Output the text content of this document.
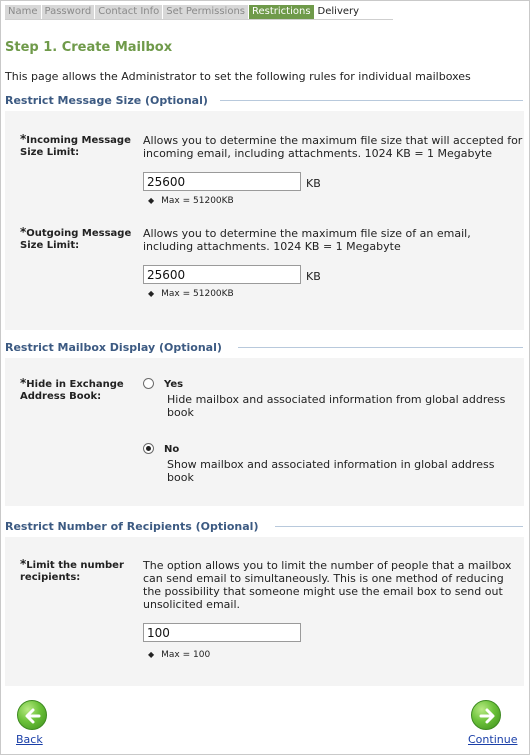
Name Password Contact Info Set Permissions Restrictions Delivery
Step 1. Create Mailbox
This page allows the Administrator to set the following rules for individual mailboxes
Restrict Message Size (Optional)
*Incoming Message
Size Limit:
Allows you to determine the maximum file size that will accepted for incoming email, including attachments. 1024 KB = 1 Megabyte
25600
KB
◆ Max = 51200KB
*Outgoing Message
Size Limit:
Allows you to determine the maximum file size of an email, including attachments. 1024 KB = 1 Megabyte
25600
KB
◆ Max = 51200KB
Restrict Mailbox Display (Optional)
*Hide in Exchange
Address Book:
Yes
Hide mailbox and associated information from global address book
No
Show mailbox and associated information in global address book
Restrict Number of Recipients (Optional)
*Limit the number
recipients:
The option allows you to limit the number of people that a mailbox can send email to simultaneously. This is one method of reducing the possibility that someone might use the email box to send out unsolicited email.
100
◆ Max = 100
Back	Continue
